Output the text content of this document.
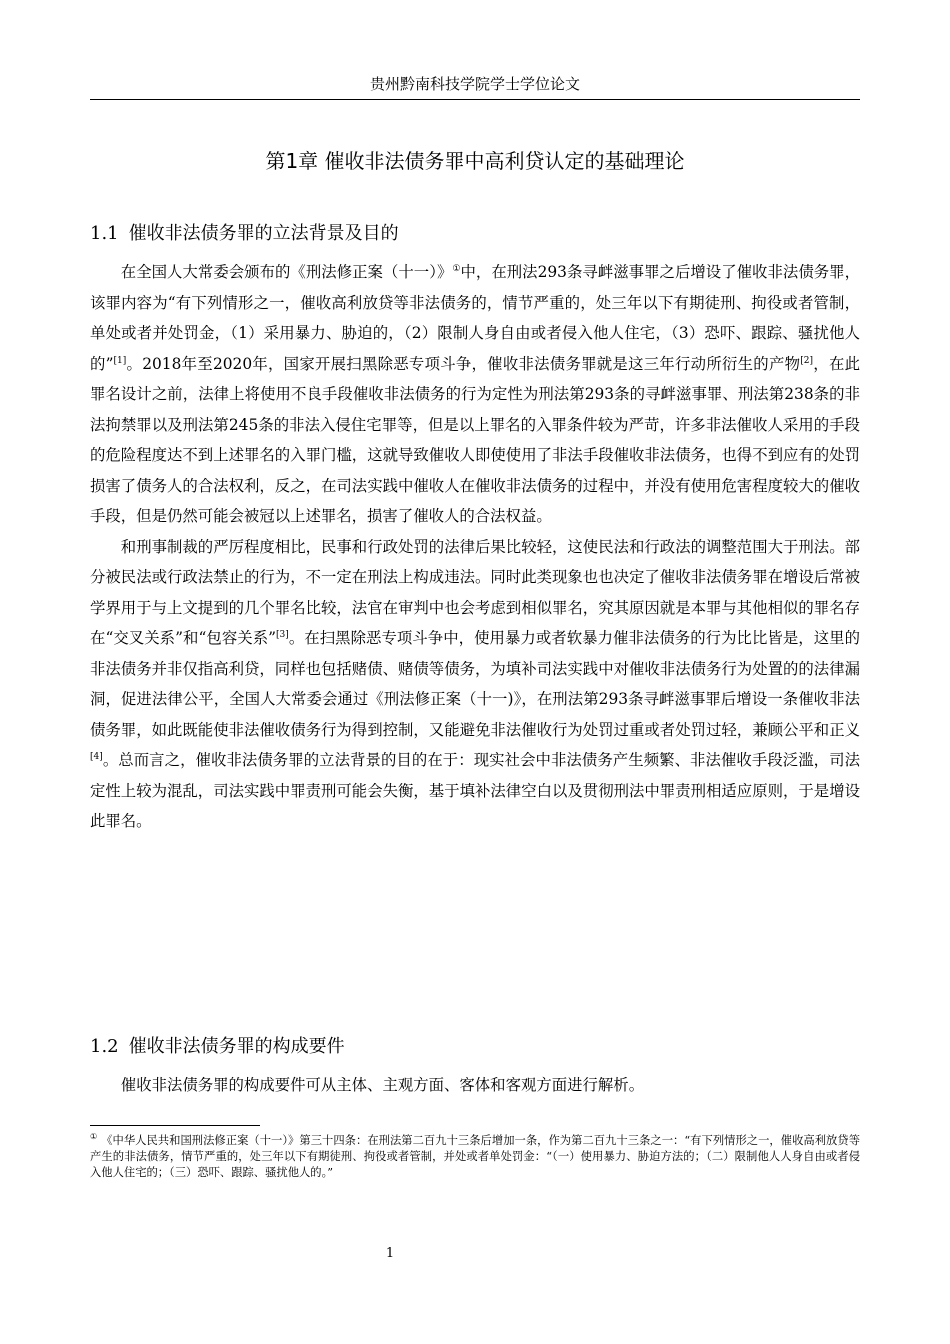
贵州黔南科技学院学士学位论文
第1章 催收非法债务罪中高利贷认定的基础理论
1.1 催收非法债务罪的立法背景及目的

在全国人大常委会颁布的《刑法修正案（十一）》①中，在刑法293条寻衅滋事罪之后增设了催收非法债务罪，该罪内容为“有下列情形之一，催收高利放贷等非法债务的，情节严重的，处三年以下有期徒刑、拘役或者管制，单处或者并处罚金，（1）采用暴力、胁迫的，（2）限制人身自由或者侵入他人住宅，（3）恐吓、跟踪、骚扰他人的”[1]。2018年至2020年，国家开展扫黑除恶专项斗争，催收非法债务罪就是这三年行动所衍生的产物[2]，在此罪名设计之前，法律上将使用不良手段催收非法债务的行为定性为刑法第293条的寻衅滋事罪、刑法第238条的非法拘禁罪以及刑法第245条的非法入侵住宅罪等，但是以上罪名的入罪条件较为严苛，许多非法催收人采用的手段的危险程度达不到上述罪名的入罪门槛，这就导致催收人即使使用了非法手段催收非法债务，也得不到应有的处罚损害了债务人的合法权利，反之，在司法实践中催收人在催收非法债务的过程中，并没有使用危害程度较大的催收手段，但是仍然可能会被冠以上述罪名，损害了催收人的合法权益。

和刑事制裁的严厉程度相比，民事和行政处罚的法律后果比较轻，这使民法和行政法的调整范围大于刑法。部分被民法或行政法禁止的行为，不一定在刑法上构成违法。同时此类现象也也决定了催收非法债务罪在增设后常被学界用于与上文提到的几个罪名比较，法官在审判中也会考虑到相似罪名，究其原因就是本罪与其他相似的罪名存在“交叉关系”和“包容关系”[3]。在扫黑除恶专项斗争中，使用暴力或者软暴力催非法债务的行为比比皆是，这里的非法债务并非仅指高利贷，同样也包括赌债、赌债等债务，为填补司法实践中对催收非法债务行为处置的的法律漏洞，促进法律公平，全国人大常委会通过《刑法修正案（十一)》，在刑法第293条寻衅滋事罪后增设一条催收非法债务罪，如此既能使非法催收债务行为得到控制，又能避免非法催收行为处罚过重或者处罚过轻，兼顾公平和正义[4]。总而言之，催收非法债务罪的立法背景的目的在于：现实社会中非法债务产生频繁、非法催收手段泛滥，司法定性上较为混乱，司法实践中罪责刑可能会失衡，基于填补法律空白以及贯彻刑法中罪责刑相适应原则，于是增设此罪名。

1.2 催收非法债务罪的构成要件

催收非法债务罪的构成要件可从主体、主观方面、客体和客观方面进行解析。

① 《中华人民共和国刑法修正案（十一）》第三十四条：在刑法第二百九十三条后增加一条，作为第二百九十三条之一：“有下列情形之一，催收高利放贷等产生的非法债务，情节严重的，处三年以下有期徒刑、拘役或者管制，并处或者单处罚金：“（一）使用暴力、胁迫方法的；（二）限制他人人身自由或者侵入他人住宅的；（三）恐吓、跟踪、骚扰他人的。”
1
